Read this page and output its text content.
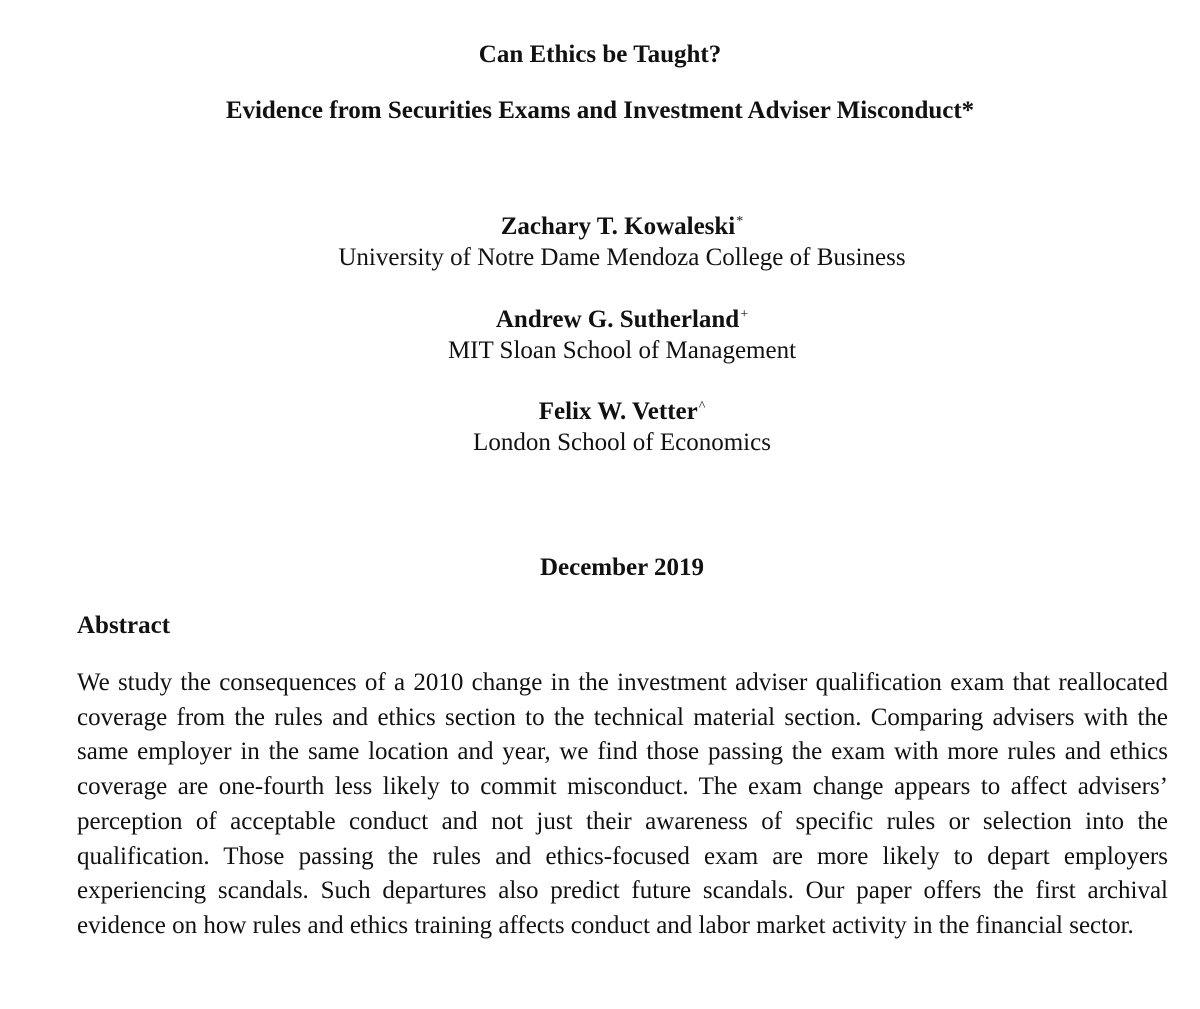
Can Ethics be Taught?
Evidence from Securities Exams and Investment Adviser Misconduct*
Zachary T. Kowaleski*
University of Notre Dame Mendoza College of Business
Andrew G. Sutherland+
MIT Sloan School of Management
Felix W. Vetter^
London School of Economics
December 2019
Abstract
We study the consequences of a 2010 change in the investment adviser qualification exam that reallocated coverage from the rules and ethics section to the technical material section. Comparing advisers with the same employer in the same location and year, we find those passing the exam with more rules and ethics coverage are one-fourth less likely to commit misconduct. The exam change appears to affect advisers’ perception of acceptable conduct and not just their awareness of specific rules or selection into the qualification. Those passing the rules and ethics-focused exam are more likely to depart employers experiencing scandals. Such departures also predict future scandals. Our paper offers the first archival evidence on how rules and ethics training affects conduct and labor market activity in the financial sector.
